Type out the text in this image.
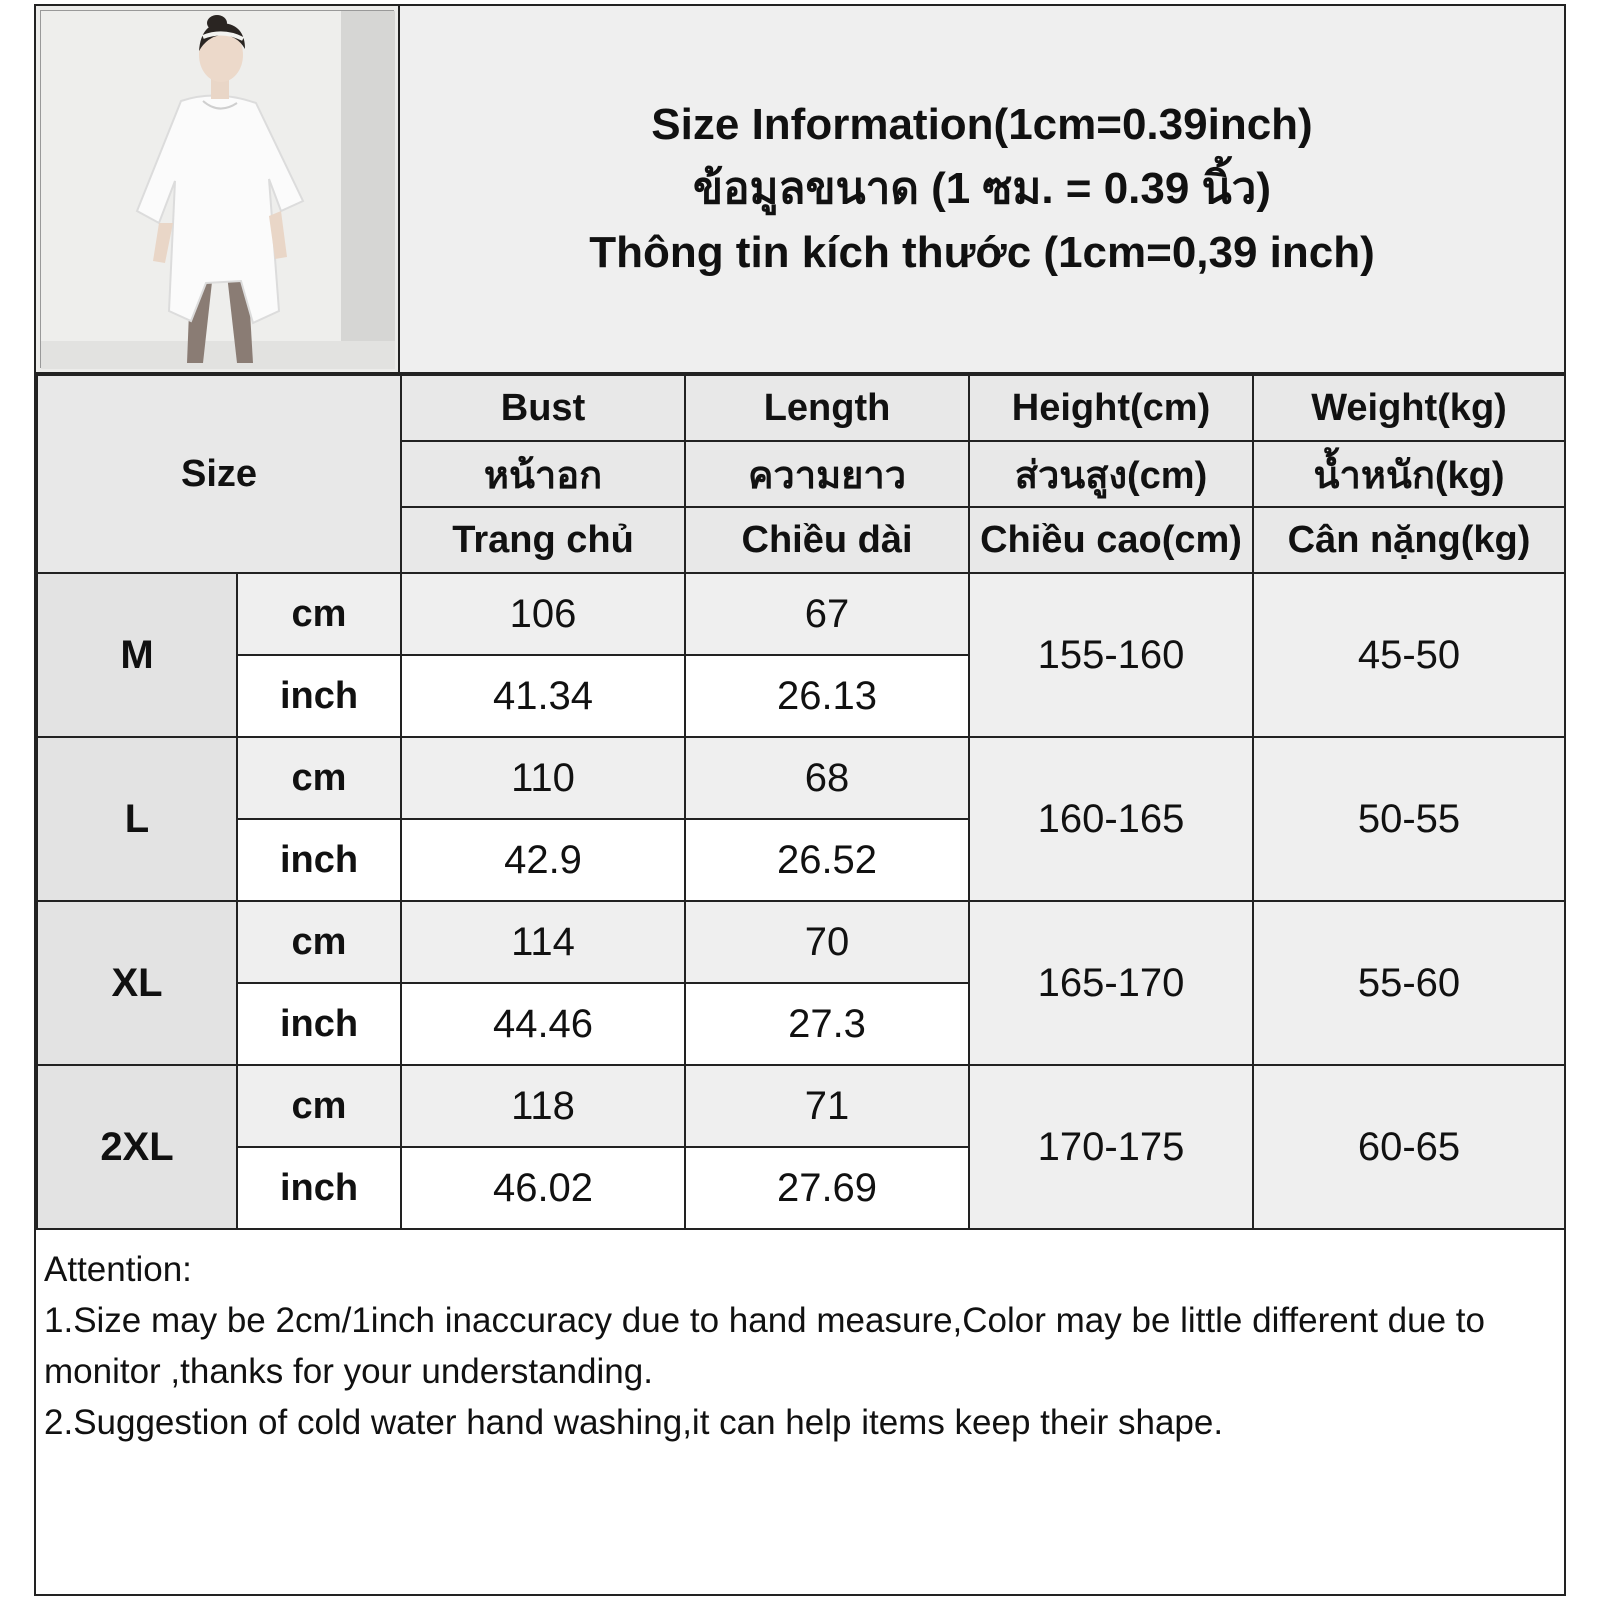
Size Information(1cm=0.39inch)
ข้อมูลขนาด (1 ซม. = 0.39 นิ้ว)
Thông tin kích thước (1cm=0,39 inch)
Size		Bust	Length	Height(cm)	Weight(kg)
		หน้าอก	ความยาว	ส่วนสูง(cm)	น้ำหนัก(kg)
		Trang chủ	Chiều dài	Chiều cao(cm)	Cân nặng(kg)
M	cm	106	67	155-160	45-50
	inch	41.34	26.13		
L	cm	110	68	160-165	50-55
	inch	42.9	26.52		
XL	cm	114	70	165-170	55-60
	inch	44.46	27.3		
2XL	cm	118	71	170-175	60-65
	inch	46.02	27.69		
Attention:
1.Size may be 2cm/1inch inaccuracy due to hand measure,Color may be little different due to monitor ,thanks for your understanding.
2.Suggestion of cold water hand washing,it can help items keep their shape.
